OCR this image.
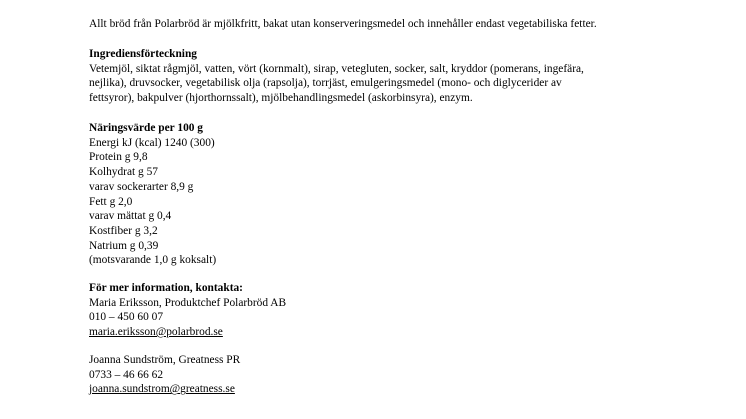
Allt bröd från Polarbröd är mjölkfritt, bakat utan konserveringsmedel och innehåller endast vegetabiliska fetter.

Ingrediensförteckning
Vetemjöl, siktat rågmjöl, vatten, vört (kornmalt), sirap, vetegluten, socker, salt, kryddor (pomerans, ingefära,
nejlika), druvsocker, vegetabilisk olja (rapsolja), torrjäst, emulgeringsmedel (mono- och diglycerider av
fettsyror), bakpulver (hjorthornssalt), mjölbehandlingsmedel (askorbinsyra), enzym.
Näringsvärde per 100 g
Energi kJ (kcal) 1240 (300)
Protein g 9,8
Kolhydrat g 57
varav sockerarter 8,9 g
Fett g 2,0
varav mättat g 0,4
Kostfiber g 3,2
Natrium g 0,39
(motsvarande 1,0 g koksalt)
För mer information, kontakta:
Maria Eriksson, Produktchef Polarbröd AB
010 – 450 60 07
maria.eriksson@polarbrod.se
Joanna Sundström, Greatness PR
0733 – 46 66 62
joanna.sundstrom@greatness.se
